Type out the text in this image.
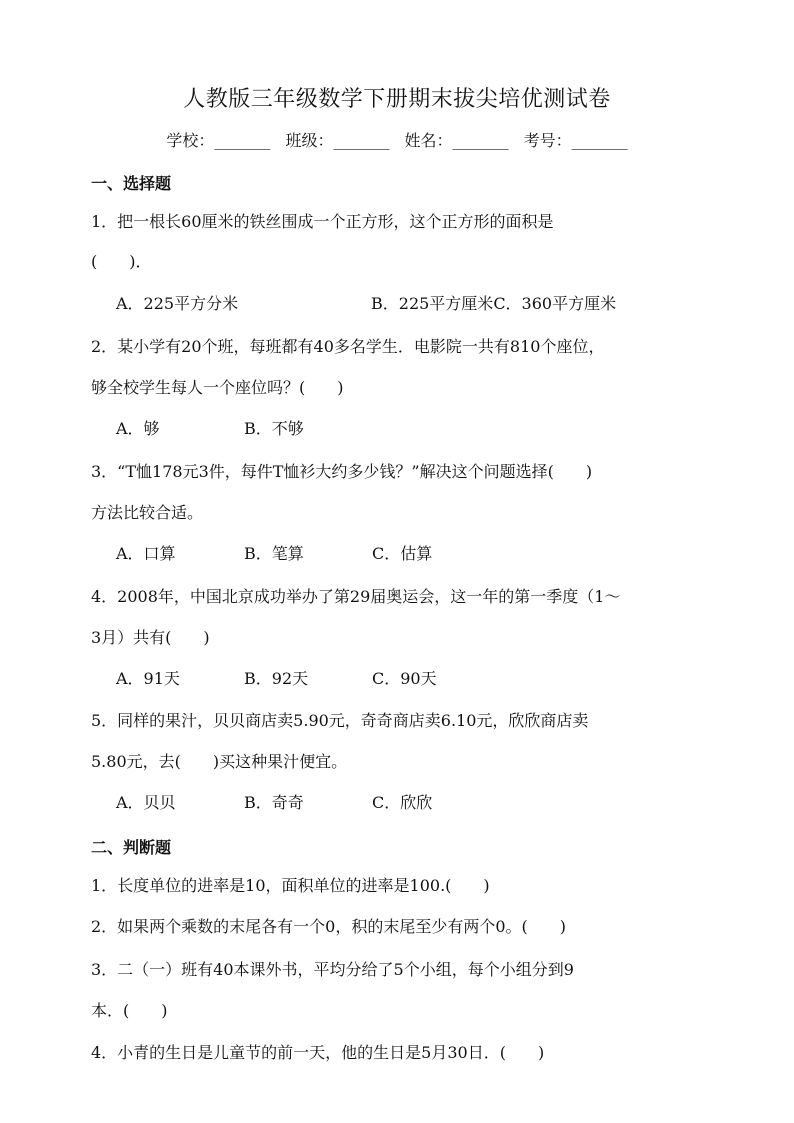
人教版三年级数学下册期末拔尖培优测试卷
学校：_______ 班级：_______ 姓名：_______ 考号：_______
一、选择题
1．把一根长60厘米的铁丝围成一个正方形，这个正方形的面积是
(　　)．
A．225平方分米	B．225平方厘米C．360平方厘米
2．某小学有20个班，每班都有40多名学生．电影院一共有810个座位，
够全校学生每人一个座位吗？(　　)
A．够	B．不够
3．“T恤178元3件，每件T恤衫大约多少钱？”解决这个问题选择(　　)
方法比较合适。
A．口算	B．笔算	C．估算
4．2008年，中国北京成功举办了第29届奥运会，这一年的第一季度（1～
3月）共有(　　)
A．91天	B．92天	C．90天
5．同样的果汁，贝贝商店卖5.90元，奇奇商店卖6.10元，欣欣商店卖
5.80元，去(　　)买这种果汁便宜。
A．贝贝	B．奇奇	C．欣欣
二、判断题
1．长度单位的进率是10，面积单位的进率是100.(　　)
2．如果两个乘数的末尾各有一个0，积的末尾至少有两个0。(　　)
3．二（一）班有40本课外书，平均分给了5个小组，每个小组分到9
本．(　　)
4．小青的生日是儿童节的前一天，他的生日是5月30日．(　　)
